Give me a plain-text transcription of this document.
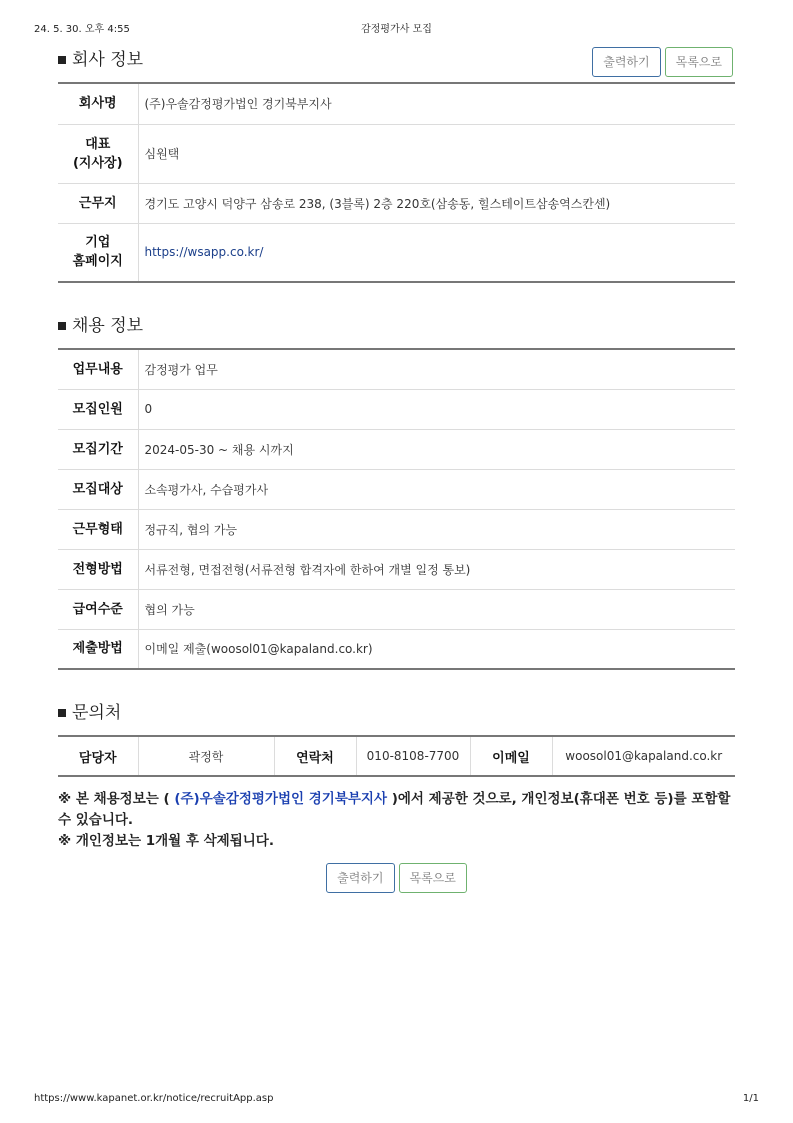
24. 5. 30. 오후 4:55	감정평가사 모집
회사 정보	출력하기	목록으로
회사명	(주)우솔감정평가법인 경기북부지사
대표
(지사장)	심원택
근무지	경기도 고양시 덕양구 삼송로 238, (3블록) 2층 220호(삼송동, 힐스테이트삼송역스칸센)
기업
홈페이지	https://wsapp.co.kr/
채용 정보
업무내용	감정평가 업무
모집인원	0
모집기간	2024-05-30 ~ 채용 시까지
모집대상	소속평가사, 수습평가사
근무형태	정규직, 협의 가능
전형방법	서류전형, 면접전형(서류전형 합격자에 한하여 개별 일정 통보)
급여수준	협의 가능
제출방법	이메일 제출(woosol01@kapaland.co.kr)
문의처
담당자	곽정학	연락처	010-8108-7700	이메일	woosol01@kapaland.co.kr
※ 본 채용정보는 ( (주)우솔감정평가법인 경기북부지사 )에서 제공한 것으로, 개인정보(휴대폰 번호 등)를 포함할 수 있습니다.
※ 개인정보는 1개월 후 삭제됩니다.
출력하기	목록으로
https://www.kapanet.or.kr/notice/recruitApp.asp	1/1
